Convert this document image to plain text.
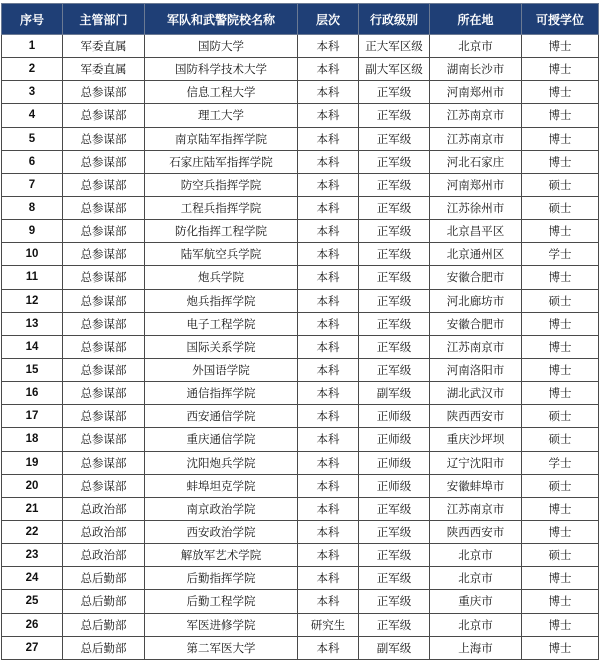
序号	主管部门	军队和武警院校名称	层次	行政级别	所在地	可授学位
1	军委直属	国防大学	本科	正大军区级	北京市	博士
2	军委直属	国防科学技术大学	本科	副大军区级	湖南长沙市	博士
3	总参谋部	信息工程大学	本科	正军级	河南郑州市	博士
4	总参谋部	理工大学	本科	正军级	江苏南京市	博士
5	总参谋部	南京陆军指挥学院	本科	正军级	江苏南京市	博士
6	总参谋部	石家庄陆军指挥学院	本科	正军级	河北石家庄	博士
7	总参谋部	防空兵指挥学院	本科	正军级	河南郑州市	硕士
8	总参谋部	工程兵指挥学院	本科	正军级	江苏徐州市	硕士
9	总参谋部	防化指挥工程学院	本科	正军级	北京昌平区	博士
10	总参谋部	陆军航空兵学院	本科	正军级	北京通州区	学士
11	总参谋部	炮兵学院	本科	正军级	安徽合肥市	博士
12	总参谋部	炮兵指挥学院	本科	正军级	河北廊坊市	硕士
13	总参谋部	电子工程学院	本科	正军级	安徽合肥市	博士
14	总参谋部	国际关系学院	本科	正军级	江苏南京市	博士
15	总参谋部	外国语学院	本科	正军级	河南洛阳市	博士
16	总参谋部	通信指挥学院	本科	副军级	湖北武汉市	博士
17	总参谋部	西安通信学院	本科	正师级	陕西西安市	硕士
18	总参谋部	重庆通信学院	本科	正师级	重庆沙坪坝	硕士
19	总参谋部	沈阳炮兵学院	本科	正师级	辽宁沈阳市	学士
20	总参谋部	蚌埠坦克学院	本科	正师级	安徽蚌埠市	硕士
21	总政治部	南京政治学院	本科	正军级	江苏南京市	博士
22	总政治部	西安政治学院	本科	正军级	陕西西安市	博士
23	总政治部	解放军艺术学院	本科	正军级	北京市	硕士
24	总后勤部	后勤指挥学院	本科	正军级	北京市	博士
25	总后勤部	后勤工程学院	本科	正军级	重庆市	博士
26	总后勤部	军医进修学院	研究生	正军级	北京市	博士
27	总后勤部	第二军医大学	本科	副军级	上海市	博士
